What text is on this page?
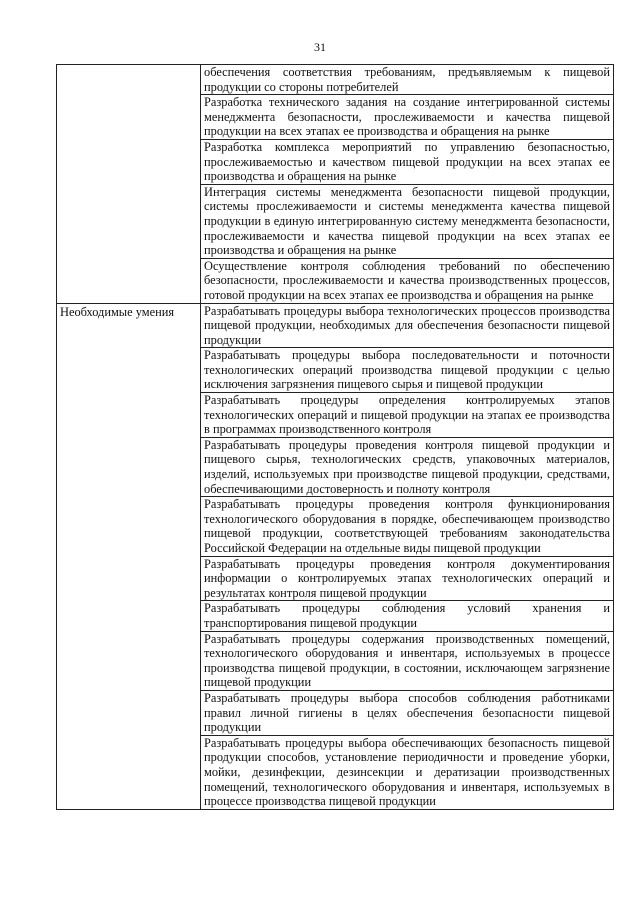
31
	обеспечения соответствия требованиям, предъявляемым к пищевой продукции со стороны потребителей
	Разработка технического задания на создание интегрированной системы менеджмента безопасности, прослеживаемости и качества пищевой продукции на всех этапах ее производства и обращения на рынке
	Разработка комплекса мероприятий по управлению безопасностью, прослеживаемостью и качеством пищевой продукции на всех этапах ее производства и обращения на рынке
	Интеграция системы менеджмента безопасности пищевой продукции, системы прослеживаемости и системы менеджмента качества пищевой продукции в единую интегрированную систему менеджмента безопасности, прослеживаемости и качества пищевой продукции на всех этапах ее производства и обращения на рынке
	Осуществление контроля соблюдения требований по обеспечению безопасности, прослеживаемости и качества производственных процессов, готовой продукции на всех этапах ее производства и обращения на рынке

Необходимые умения	Разрабатывать процедуры выбора технологических процессов производства пищевой продукции, необходимых для обеспечения безопасности пищевой продукции
	Разрабатывать процедуры выбора последовательности и поточности технологических операций производства пищевой продукции с целью исключения загрязнения пищевого сырья и пищевой продукции
	Разрабатывать процедуры определения контролируемых этапов технологических операций и пищевой продукции на этапах ее производства в программах производственного контроля
	Разрабатывать процедуры проведения контроля пищевой продукции и пищевого сырья, технологических средств, упаковочных материалов, изделий, используемых при производстве пищевой продукции, средствами, обеспечивающими достоверность и полноту контроля
	Разрабатывать процедуры проведения контроля функционирования технологического оборудования в порядке, обеспечивающем производство пищевой продукции, соответствующей требованиям законодательства Российской Федерации на отдельные виды пищевой продукции
	Разрабатывать процедуры проведения контроля документирования информации о контролируемых этапах технологических операций и результатах контроля пищевой продукции
	Разрабатывать процедуры соблюдения условий хранения и транспортирования пищевой продукции
	Разрабатывать процедуры содержания производственных помещений, технологического оборудования и инвентаря, используемых в процессе производства пищевой продукции, в состоянии, исключающем загрязнение пищевой продукции
	Разрабатывать процедуры выбора способов соблюдения работниками правил личной гигиены в целях обеспечения безопасности пищевой продукции
	Разрабатывать процедуры выбора обеспечивающих безопасность пищевой продукции способов, установление периодичности и проведение уборки, мойки, дезинфекции, дезинсекции и дератизации производственных помещений, технологического оборудования и инвентаря, используемых в процессе производства пищевой продукции
